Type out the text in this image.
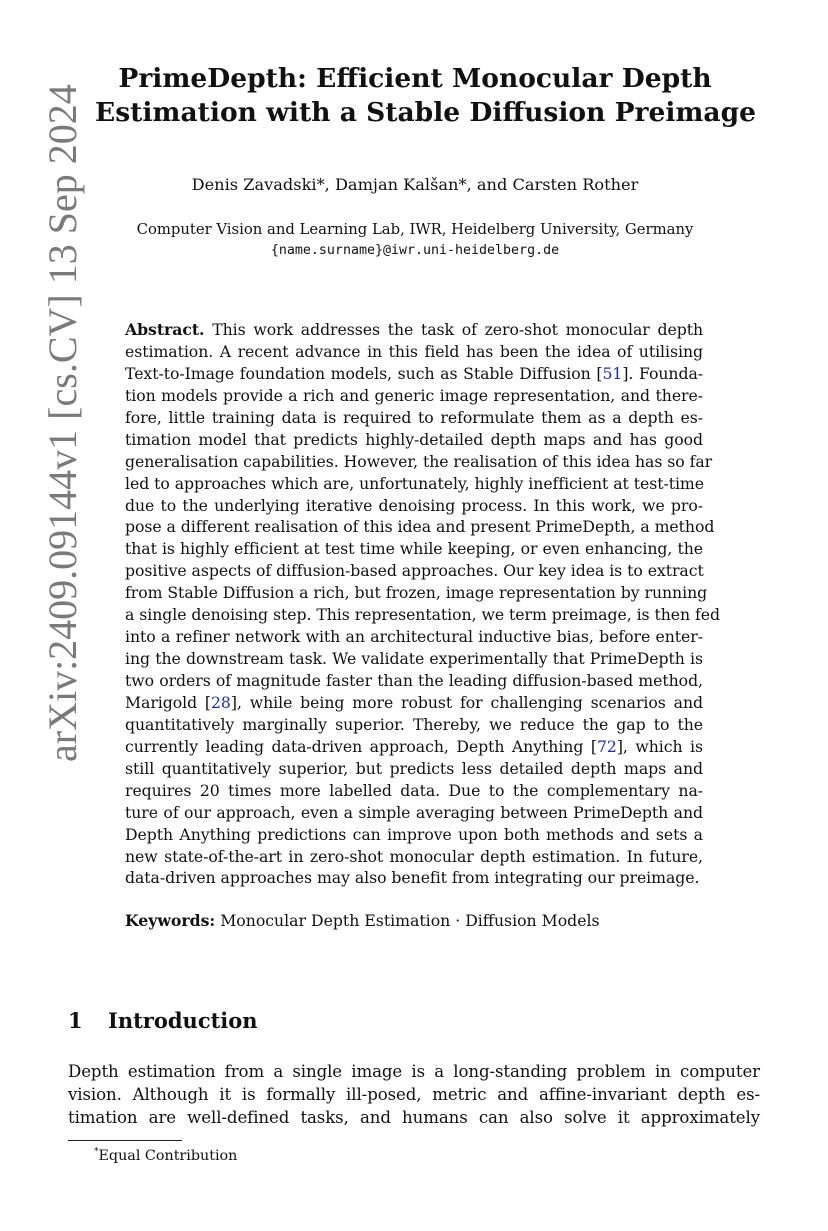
arXiv:2409.09144v1 [cs.CV] 13 Sep 2024
PrimeDepth: Efficient Monocular Depth
Estimation with a Stable Diffusion Preimage
Denis Zavadski*, Damjan Kalšan*, and Carsten Rother
Computer Vision and Learning Lab, IWR, Heidelberg University, Germany
{name.surname}@iwr.uni-heidelberg.de
Abstract. This work addresses the task of zero-shot monocular depth
estimation. A recent advance in this field has been the idea of utilising
Text-to-Image foundation models, such as Stable Diffusion [51]. Founda-
tion models provide a rich and generic image representation, and there-
fore, little training data is required to reformulate them as a depth es-
timation model that predicts highly-detailed depth maps and has good
generalisation capabilities. However, the realisation of this idea has so far
led to approaches which are, unfortunately, highly inefficient at test-time
due to the underlying iterative denoising process. In this work, we pro-
pose a different realisation of this idea and present PrimeDepth, a method
that is highly efficient at test time while keeping, or even enhancing, the
positive aspects of diffusion-based approaches. Our key idea is to extract
from Stable Diffusion a rich, but frozen, image representation by running
a single denoising step. This representation, we term preimage, is then fed
into a refiner network with an architectural inductive bias, before enter-
ing the downstream task. We validate experimentally that PrimeDepth is
two orders of magnitude faster than the leading diffusion-based method,
Marigold [28], while being more robust for challenging scenarios and
quantitatively marginally superior. Thereby, we reduce the gap to the
currently leading data-driven approach, Depth Anything [72], which is
still quantitatively superior, but predicts less detailed depth maps and
requires 20 times more labelled data. Due to the complementary na-
ture of our approach, even a simple averaging between PrimeDepth and
Depth Anything predictions can improve upon both methods and sets a
new state-of-the-art in zero-shot monocular depth estimation. In future,
data-driven approaches may also benefit from integrating our preimage.
Keywords: Monocular Depth Estimation · Diffusion Models
1 Introduction
Depth estimation from a single image is a long-standing problem in computer
vision. Although it is formally ill-posed, metric and affine-invariant depth es-
timation are well-defined tasks, and humans can also solve it approximately
*Equal Contribution
